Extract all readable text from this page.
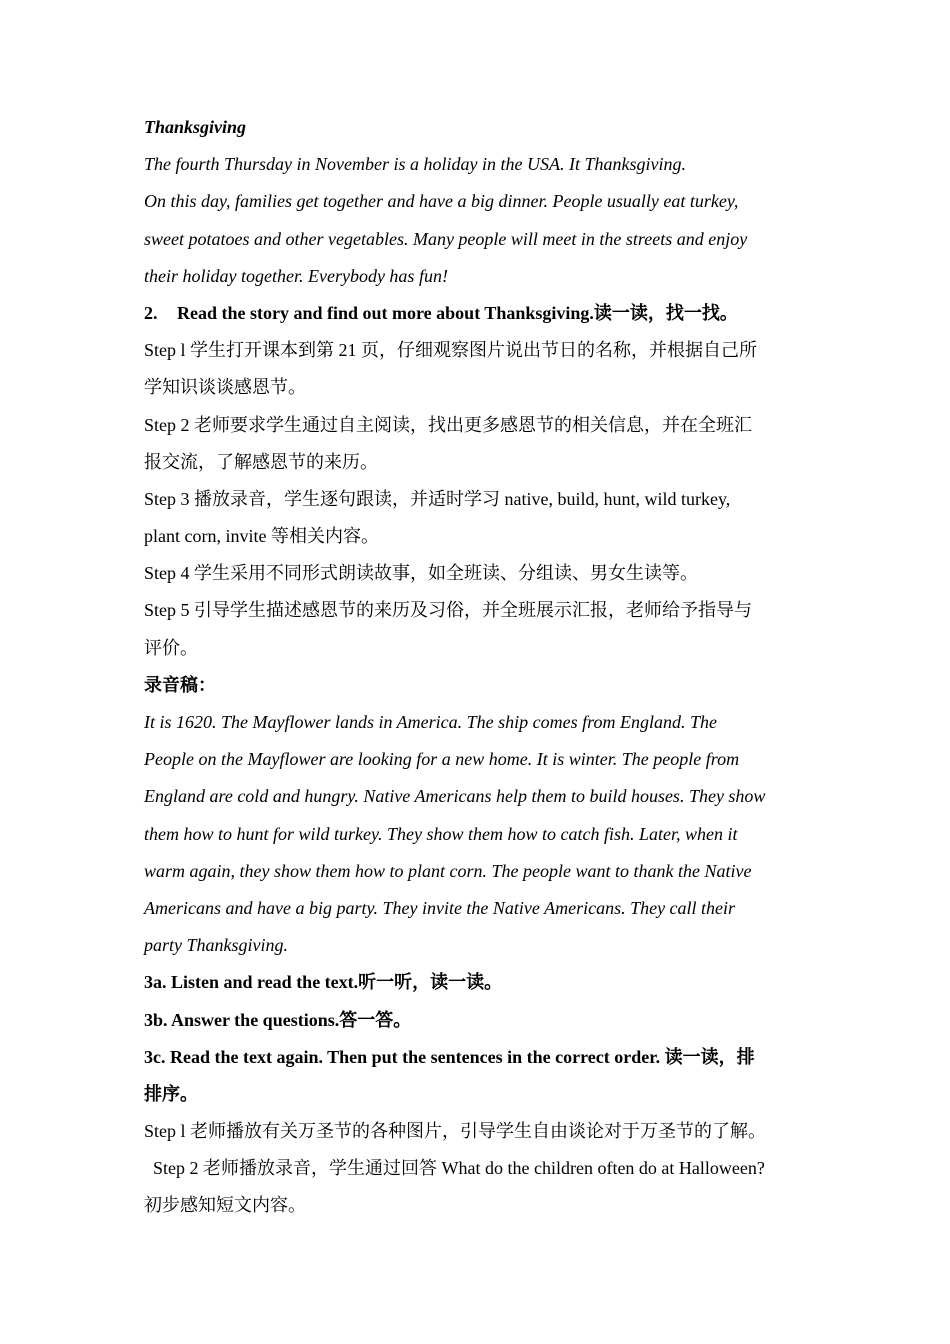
Thanksgiving
The fourth Thursday in November is a holiday in the USA. It Thanksgiving.
On this day, families get together and have a big dinner. People usually eat turkey,
sweet potatoes and other vegetables. Many people will meet in the streets and enjoy
their holiday together. Everybody has fun!
2. Read the story and find out more about Thanksgiving.读一读，找一找。
Step l 学生打开课本到第 21 页，仔细观察图片说出节日的名称，并根据自己所
学知识谈谈感恩节。
Step 2 老师要求学生通过自主阅读，找出更多感恩节的相关信息，并在全班汇
报交流，了解感恩节的来历。
Step 3 播放录音，学生逐句跟读，并适时学习 native, build, hunt, wild turkey,
plant corn, invite 等相关内容。
Step 4 学生采用不同形式朗读故事，如全班读、分组读、男女生读等。
Step 5 引导学生描述感恩节的来历及习俗，并全班展示汇报，老师给予指导与
评价。
录音稿：
It is 1620. The Mayflower lands in America. The ship comes from England. The
People on the Mayflower are looking for a new home. It is winter. The people from
England are cold and hungry. Native Americans help them to build houses. They show
them how to hunt for wild turkey. They show them how to catch fish. Later, when it
warm again, they show them how to plant corn. The people want to thank the Native
Americans and have a big party. They invite the Native Americans. They call their
party Thanksgiving.
3a. Listen and read the text.听一听，读一读。
3b. Answer the questions.答一答。
3c. Read the text again. Then put the sentences in the correct order. 读一读，排
排序。
Step l 老师播放有关万圣节的各种图片，引导学生自由谈论对于万圣节的了解。
Step 2 老师播放录音，学生通过回答 What do the children often do at Halloween?
初步感知短文内容。
